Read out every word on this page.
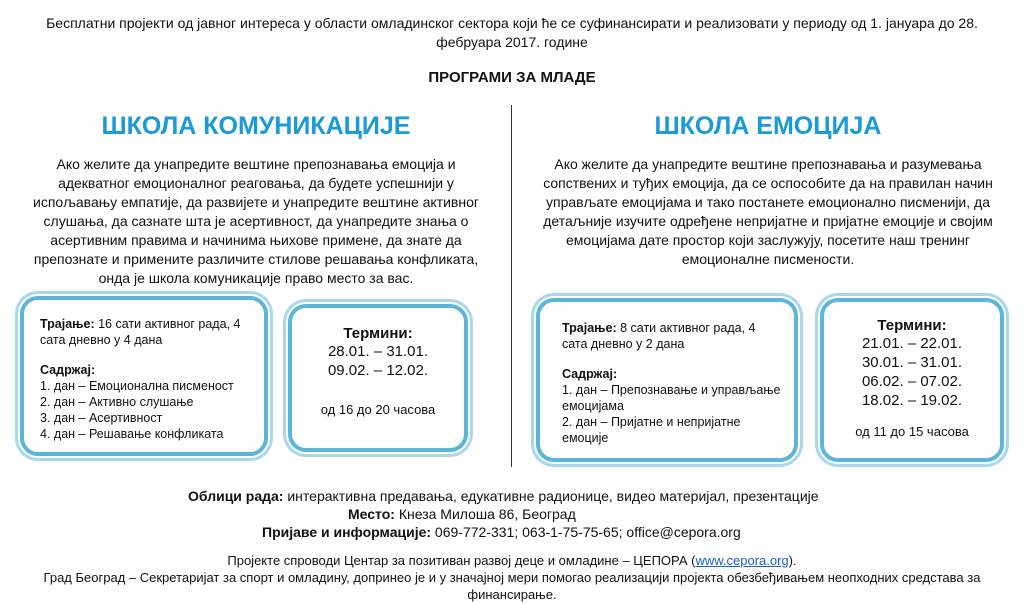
Бесплатни пројекти од јавног интереса у области омладинског сектора који ће се суфинансирати и реализовати у периоду од 1. јануара до 28. фебруара 2017. године
ПРОГРАМИ ЗА МЛАДЕ
ШКОЛА КОМУНИКАЦИЈЕ
Ако желите да унапредите вештине препознавања емоција и адекватног емоционалног реаговања, да будете успешнији у испољавању емпатије, да развијете и унапредите вештине активног слушања, да сазнате шта је асертивност, да унапредите знања о асертивним правима и начинима њихове примене, да знате да препознате и примените различите стилове решавања конфликата, онда је школа комуникације право место за вас.
Трајање: 16 сати активног рада, 4 сата дневно у 4 дана
Садржај:
1. дан – Емоционална писменост
2. дан – Активно слушање
3. дан – Асертивност
4. дан – Решавање конфликата
Термини:
28.01. – 31.01.
09.02. – 12.02.
од 16 до 20 часова
ШКОЛА ЕМОЦИЈА
Ако желите да унапредите вештине препознавања и разумевања сопствених и туђих емоција, да се оспособите да на правилан начин управљате емоцијама и тако постанете емоционално писменији, да детаљније изучите одређене непријатне и пријатне емоције и својим емоцијама дате простор који заслужују, посетите наш тренинг емоционалне писмености.
Трајање: 8 сати активног рада, 4 сата дневно у 2 дана
Садржај:
1. дан – Препознавање и управљање емоцијама
2. дан – Пријатне и непријатне емоције
Термини:
21.01. – 22.01.
30.01. – 31.01.
06.02. – 07.02.
18.02. – 19.02.
од 11 до 15 часова
Облици рада: интерактивна предавања, едукативне радионице, видео материјал, презентације
Место: Кнеза Милоша 86, Београд
Пријаве и информације: 069-772-331; 063-1-75-75-65; office@cepora.org
Пројекте спроводи Центар за позитиван развој деце и омладине – ЦЕПОРА (www.cepora.org).
Град Београд – Секретаријат за спорт и омладину, допринео је и у значајној мери помогао реализацији пројекта обезбеђивањем неопходних средстава за финансирање.
